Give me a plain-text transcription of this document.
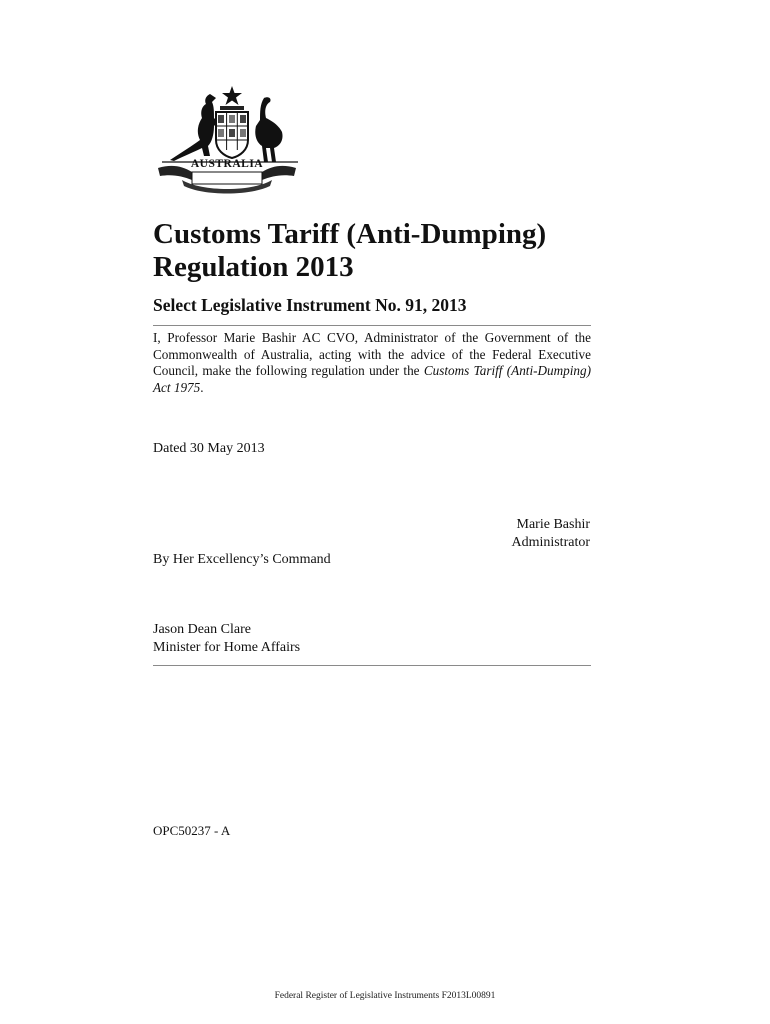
AUSTRALIA
Customs Tariff (Anti-Dumping)
Regulation 2013
Select Legislative Instrument No. 91, 2013

I, Professor Marie Bashir AC CVO, Administrator of the Government of the Commonwealth of Australia, acting with the advice of the Federal Executive Council, make the following regulation under the Customs Tariff (Anti-Dumping) Act 1975.

Dated 30 May 2013
Marie Bashir
Administrator
By Her Excellency’s Command
Jason Dean Clare
Minister for Home Affairs
OPC50237 - A
Federal Register of Legislative Instruments F2013L00891
